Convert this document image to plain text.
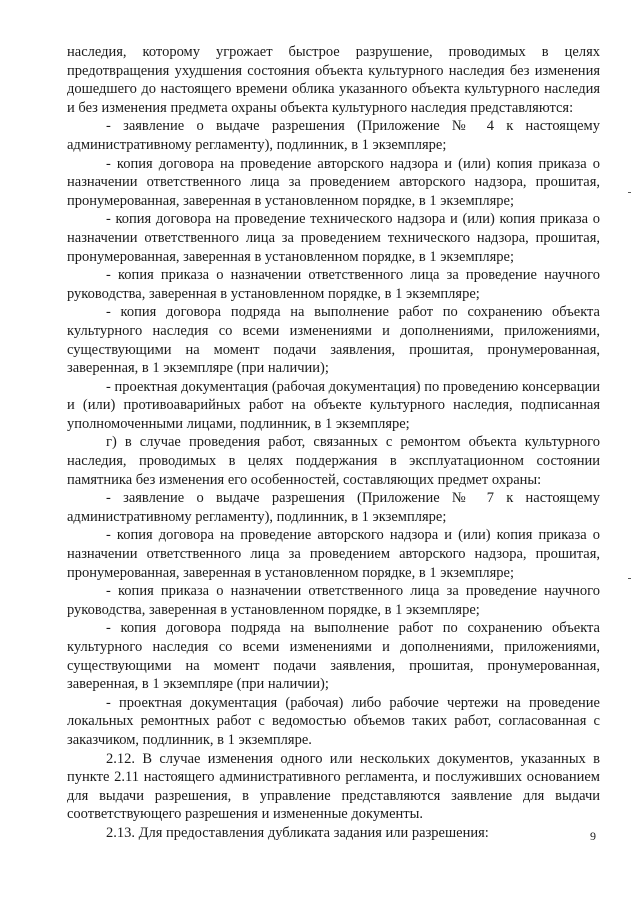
наследия, которому угрожает быстрое разрушение, проводимых в целях предотвращения ухудшения состояния объекта культурного наследия без изменения дошедшего до настоящего времени облика указанного объекта культурного наследия и без изменения предмета охраны объекта культурного наследия представляются:

- заявление о выдаче разрешения (Приложение № 4 к настоящему административному регламенту), подлинник, в 1 экземпляре;

- копия договора на проведение авторского надзора и (или) копия приказа о назначении ответственного лица за проведением авторского надзора, прошитая, пронумерованная, заверенная в установленном порядке, в 1 экземпляре;

- копия договора на проведение технического надзора и (или) копия приказа о назначении ответственного лица за проведением технического надзора, прошитая, пронумерованная, заверенная в установленном порядке, в 1 экземпляре;

- копия приказа о назначении ответственного лица за проведение научного руководства, заверенная в установленном порядке, в 1 экземпляре;

- копия договора подряда на выполнение работ по сохранению объекта культурного наследия со всеми изменениями и дополнениями, приложениями, существующими на момент подачи заявления, прошитая, пронумерованная, заверенная, в 1 экземпляре (при наличии);

- проектная документация (рабочая документация) по проведению консервации и (или) противоаварийных работ на объекте культурного наследия, подписанная уполномоченными лицами, подлинник, в 1 экземпляре;

г) в случае проведения работ, связанных с ремонтом объекта культурного наследия, проводимых в целях поддержания в эксплуатационном состоянии памятника без изменения его особенностей, составляющих предмет охраны:

- заявление о выдаче разрешения (Приложение № 7 к настоящему административному регламенту), подлинник, в 1 экземпляре;

- копия договора на проведение авторского надзора и (или) копия приказа о назначении ответственного лица за проведением авторского надзора, прошитая, пронумерованная, заверенная в установленном порядке, в 1 экземпляре;

- копия приказа о назначении ответственного лица за проведение научного руководства, заверенная в установленном порядке, в 1 экземпляре;

- копия договора подряда на выполнение работ по сохранению объекта культурного наследия со всеми изменениями и дополнениями, приложениями, существующими на момент подачи заявления, прошитая, пронумерованная, заверенная, в 1 экземпляре (при наличии);

- проектная документация (рабочая) либо рабочие чертежи на проведение локальных ремонтных работ с ведомостью объемов таких работ, согласованная с заказчиком, подлинник, в 1 экземпляре.

2.12. В случае изменения одного или нескольких документов, указанных в пункте 2.11 настоящего административного регламента, и послуживших основанием для выдачи разрешения, в управление представляются заявление для выдачи соответствующего разрешения и измененные документы.

2.13. Для предоставления дубликата задания или разрешения:	9
